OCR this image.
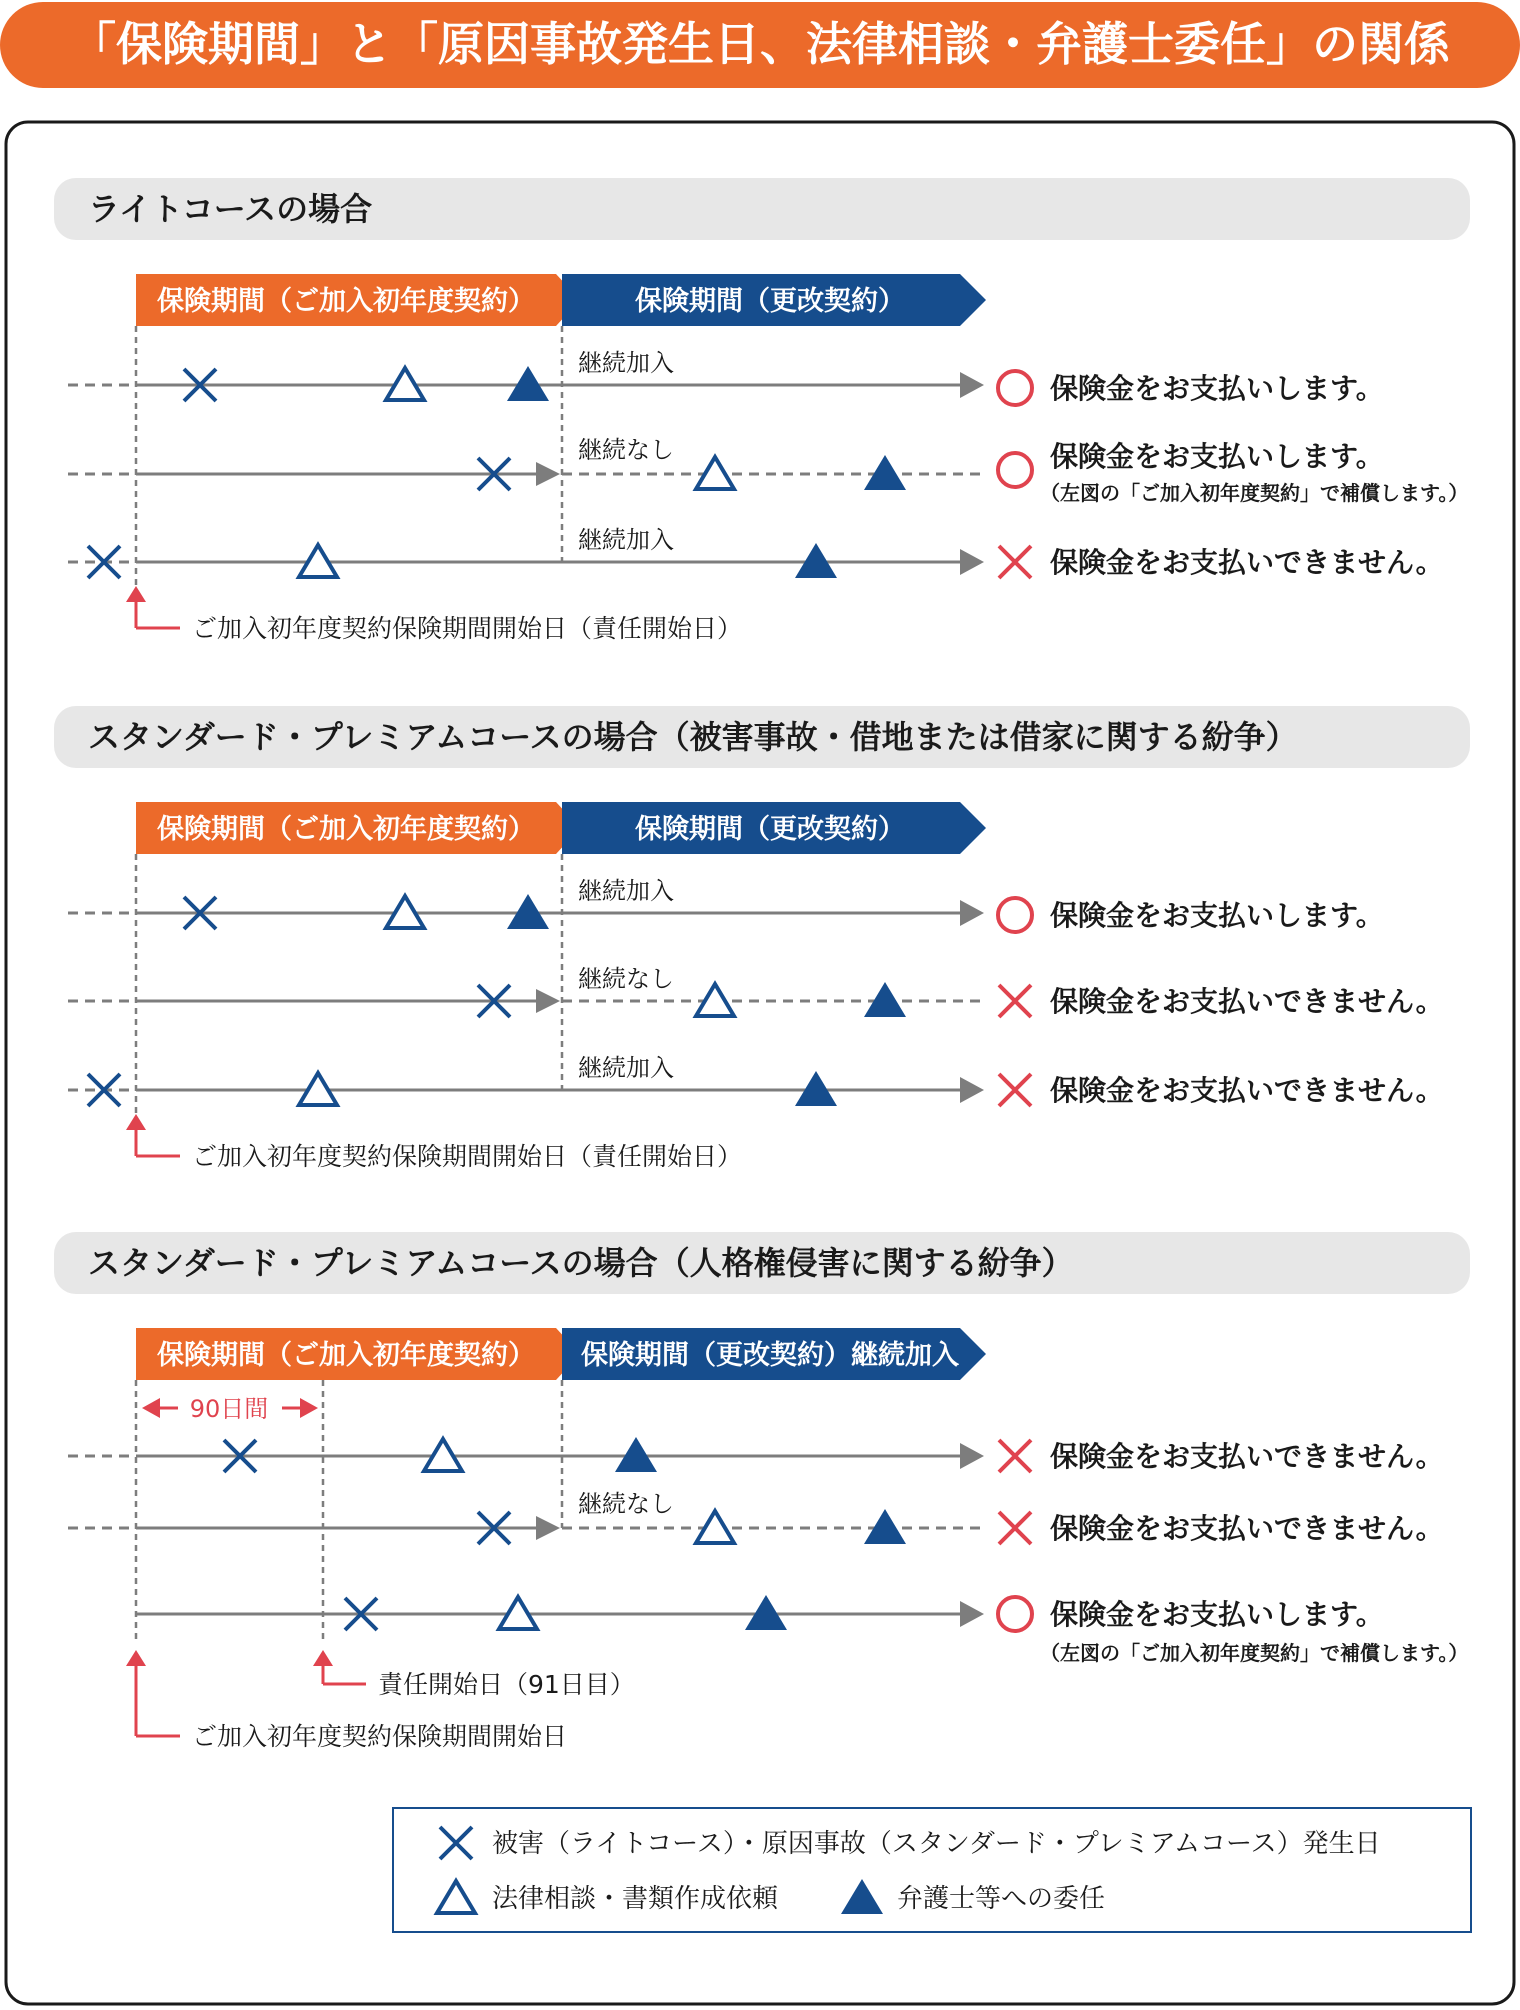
「保険期間」と「原因事故発生日、法律相談・弁護士委任」の関係
ライトコースの場合
保険期間（ご加入初年度契約）	保険期間（更改契約）
継続加入
保険金をお支払いします。
継続なし	保険金をお支払いします。
（左図の「ご加入初年度契約」で補償します。）
継続加入
保険金をお支払いできません。
ご加入初年度契約保険期間開始日（責任開始日）
スタンダード・プレミアムコースの場合（被害事故・借地または借家に関する紛争）
保険期間（ご加入初年度契約）	保険期間（更改契約）
継続加入
保険金をお支払いします。
継続なし
保険金をお支払いできません。
継続加入
保険金をお支払いできません。
ご加入初年度契約保険期間開始日（責任開始日）
スタンダード・プレミアムコースの場合（人格権侵害に関する紛争）
保険期間（ご加入初年度契約） 保険期間（更改契約）継続加入
90日間
保険金をお支払いできません。
継続なし
保険金をお支払いできません。
保険金をお支払いします。
（左図の「ご加入初年度契約」で補償します。）
責任開始日（91日目）
ご加入初年度契約保険期間開始日
被害（ライトコース）・原因事故（スタンダード・プレミアムコース）発生日
法律相談・書類作成依頼	弁護士等への委任
